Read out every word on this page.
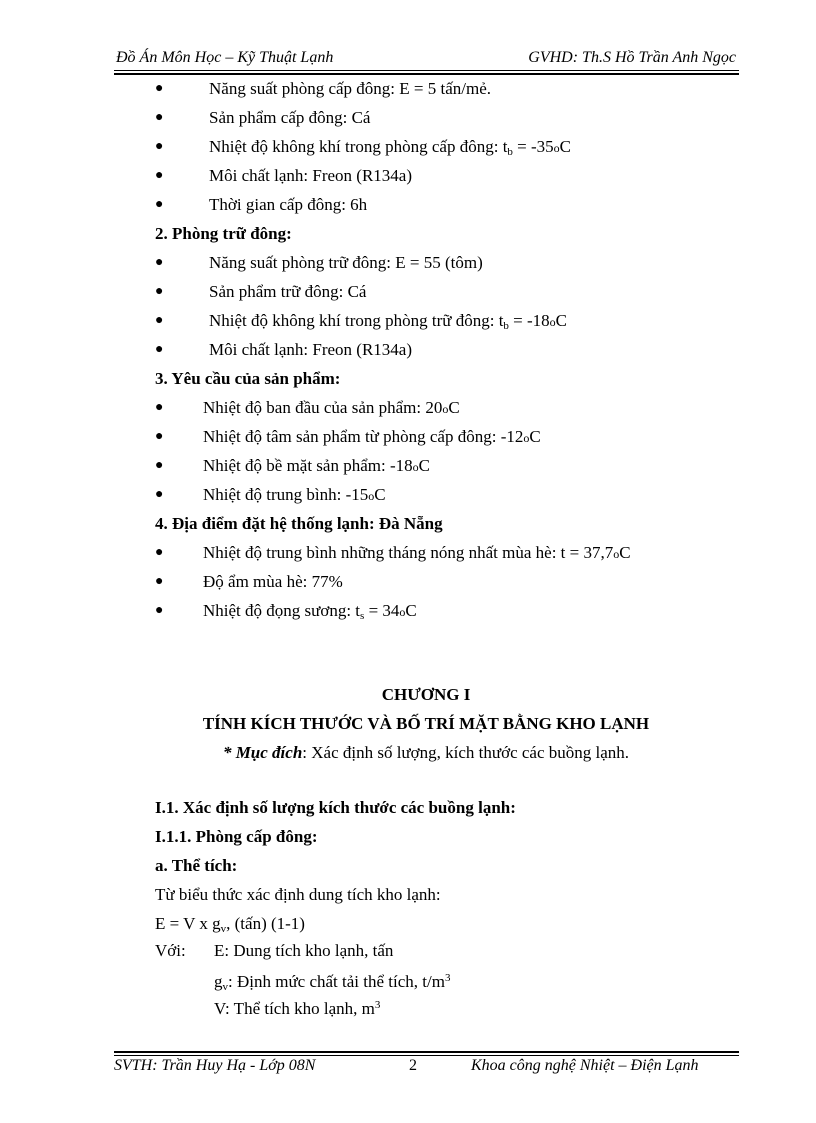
Đồ Án Môn Học – Kỹ Thuật Lạnh	GVHD: Th.S Hồ Trần Anh Ngọc
●	Năng suất phòng cấp đông: E = 5 tấn/mẻ.
●	Sản phẩm cấp đông: Cá
●	Nhiệt độ không khí trong phòng cấp đông: $t_b = -35oC$
●	Môi chất lạnh: Freon (R134a)
●	Thời gian cấp đông: 6h
2. Phòng trữ đông:
●	Năng suất phòng trữ đông: E = 55 (tôm)
●	Sản phẩm trữ đông: Cá
●	Nhiệt độ không khí trong phòng trữ đông: $t_b = -18oC$
●	Môi chất lạnh: Freon (R134a)
3. Yêu cầu của sản phẩm:
● Nhiệt độ ban đầu của sản phẩm: 20oC
● Nhiệt độ tâm sản phẩm từ phòng cấp đông: -12oC
● Nhiệt độ bề mặt sản phẩm: -18oC
● Nhiệt độ trung bình: -15oC
4. Địa điểm đặt hệ thống lạnh: Đà Nẵng
● Nhiệt độ trung bình những tháng nóng nhất mùa hè: t = 37,7oC
● Độ ẩm mùa hè: 77%
● Nhiệt độ đọng sương: $t_s = 34oC$
CHƯƠNG I
TÍNH KÍCH THƯỚC VÀ BỐ TRÍ MẶT BẰNG KHO LẠNH
* Mục đích: Xác định số lượng, kích thước các buồng lạnh.
I.1. Xác định số lượng kích thước các buồng lạnh:
I.1.1. Phòng cấp đông:
a. Thể tích:
Từ biểu thức xác định dung tích kho lạnh:
E = V x $g_v$, (tấn) (1-1)
Với: E: Dung tích kho lạnh, tấn
$g_v$: Định mức chất tải thể tích, $t/m^3$
V: Thể tích kho lạnh, $m^3$
SVTH: Trần Huy Hạ - Lớp 08N	2	Khoa công nghệ Nhiệt – Điện Lạnh
